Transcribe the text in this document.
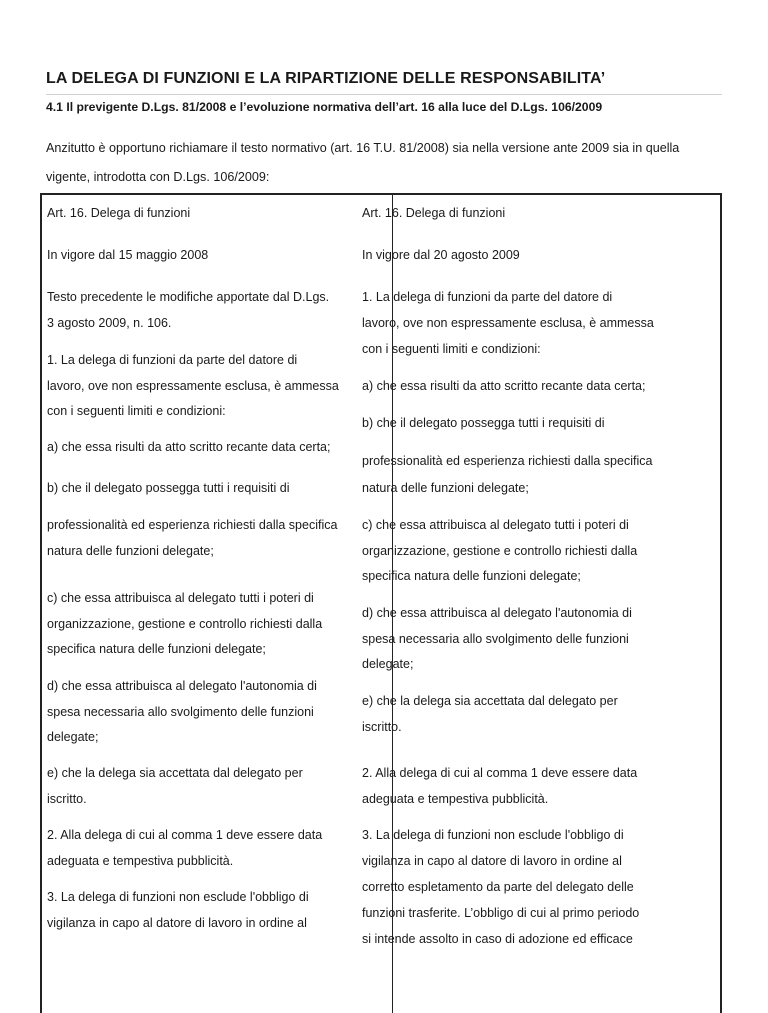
LA DELEGA DI FUNZIONI E LA RIPARTIZIONE DELLE RESPONSABILITA’
4.1 Il previgente D.Lgs. 81/2008 e l’evoluzione normativa dell’art. 16 alla luce del D.Lgs. 106/2009
Anzitutto è opportuno richiamare il testo normativo (art. 16 T.U. 81/2008) sia nella versione ante 2009 sia in quella vigente, introdotta con D.Lgs. 106/2009:

Art. 16. Delega di funzioni

In vigore dal 15 maggio 2008

Testo precedente le modifiche apportate dal D.Lgs.

3 agosto 2009, n. 106.

1. La delega di funzioni da parte del datore di

lavoro, ove non espressamente esclusa, è ammessa

con i seguenti limiti e condizioni:

a) che essa risulti da atto scritto recante data certa;

b) che il delegato possegga tutti i requisiti di

professionalità ed esperienza richiesti dalla specifica

natura delle funzioni delegate;

c) che essa attribuisca al delegato tutti i poteri di

organizzazione, gestione e controllo richiesti dalla

specifica natura delle funzioni delegate;

d) che essa attribuisca al delegato l'autonomia di

spesa necessaria allo svolgimento delle funzioni

delegate;

e) che la delega sia accettata dal delegato per

iscritto.

2. Alla delega di cui al comma 1 deve essere data

adeguata e tempestiva pubblicità.

3. La delega di funzioni non esclude l'obbligo di

vigilanza in capo al datore di lavoro in ordine al

Art. 16. Delega di funzioni

In vigore dal 20 agosto 2009

1. La delega di funzioni da parte del datore di

lavoro, ove non espressamente esclusa, è ammessa

con i seguenti limiti e condizioni:

a) che essa risulti da atto scritto recante data certa;

b) che il delegato possegga tutti i requisiti di

professionalità ed esperienza richiesti dalla specifica

natura delle funzioni delegate;

c) che essa attribuisca al delegato tutti i poteri di

organizzazione, gestione e controllo richiesti dalla

specifica natura delle funzioni delegate;

d) che essa attribuisca al delegato l'autonomia di

spesa necessaria allo svolgimento delle funzioni

delegate;

e) che la delega sia accettata dal delegato per

iscritto.

2. Alla delega di cui al comma 1 deve essere data

adeguata e tempestiva pubblicità.

3. La delega di funzioni non esclude l'obbligo di

vigilanza in capo al datore di lavoro in ordine al

corretto espletamento da parte del delegato delle

funzioni trasferite. L’obbligo di cui al primo periodo

si intende assolto in caso di adozione ed efficace
